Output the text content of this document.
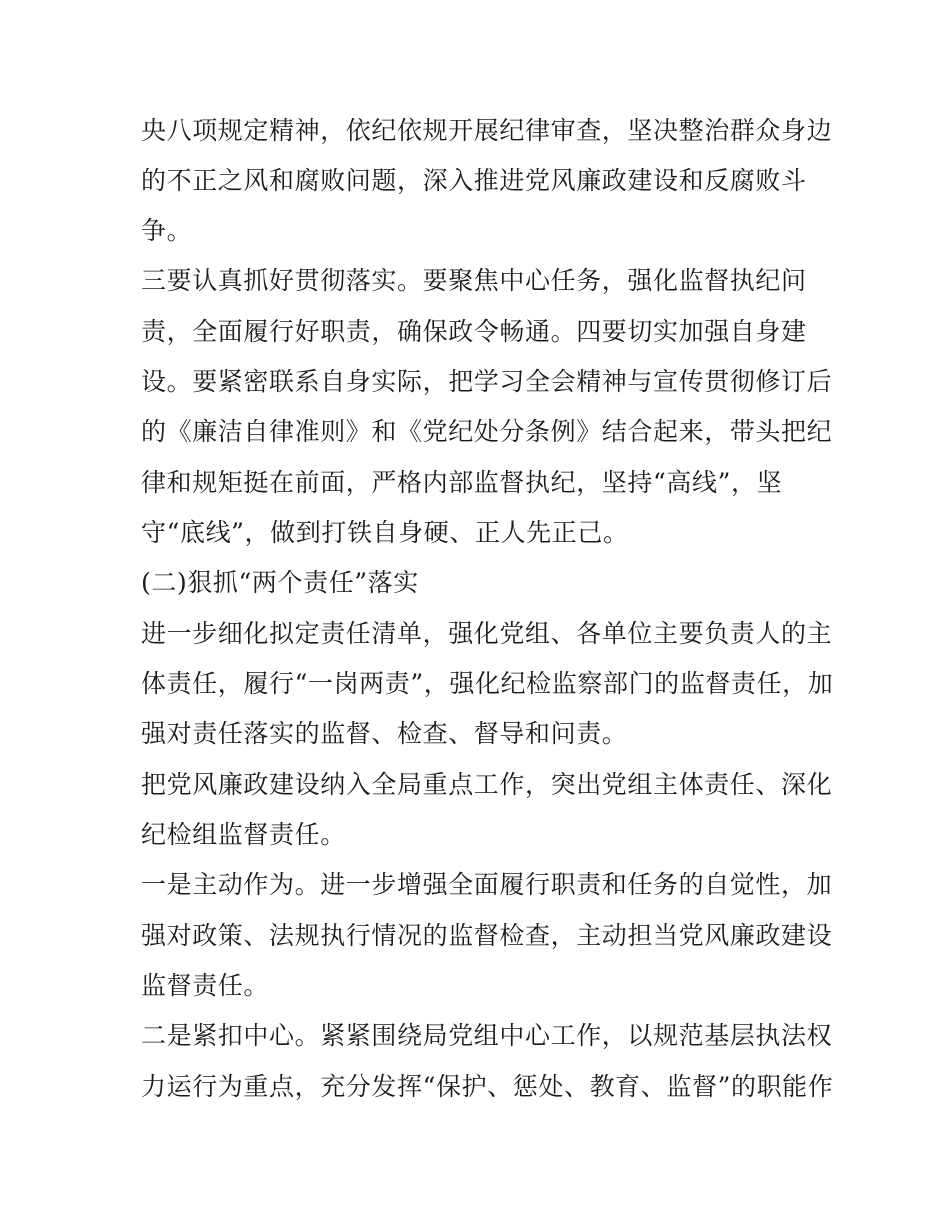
央八项规定精神，依纪依规开展纪律审查，坚决整治群众身边
的不正之风和腐败问题，深入推进党风廉政建设和反腐败斗
争。
三要认真抓好贯彻落实。要聚焦中心任务，强化监督执纪问
责，全面履行好职责，确保政令畅通。四要切实加强自身建
设。要紧密联系自身实际，把学习全会精神与宣传贯彻修订后
的《廉洁自律准则》和《党纪处分条例》结合起来，带头把纪
律和规矩挺在前面，严格内部监督执纪，坚持“高线”，坚
守“底线”，做到打铁自身硬、正人先正己。
(二)狠抓“两个责任”落实
进一步细化拟定责任清单，强化党组、各单位主要负责人的主
体责任，履行“一岗两责”，强化纪检监察部门的监督责任，加
强对责任落实的监督、检查、督导和问责。
把党风廉政建设纳入全局重点工作，突出党组主体责任、深化
纪检组监督责任。
一是主动作为。进一步增强全面履行职责和任务的自觉性，加
强对政策、法规执行情况的监督检查，主动担当党风廉政建设
监督责任。
二是紧扣中心。紧紧围绕局党组中心工作，以规范基层执法权
力运行为重点，充分发挥“保护、惩处、教育、监督”的职能作
